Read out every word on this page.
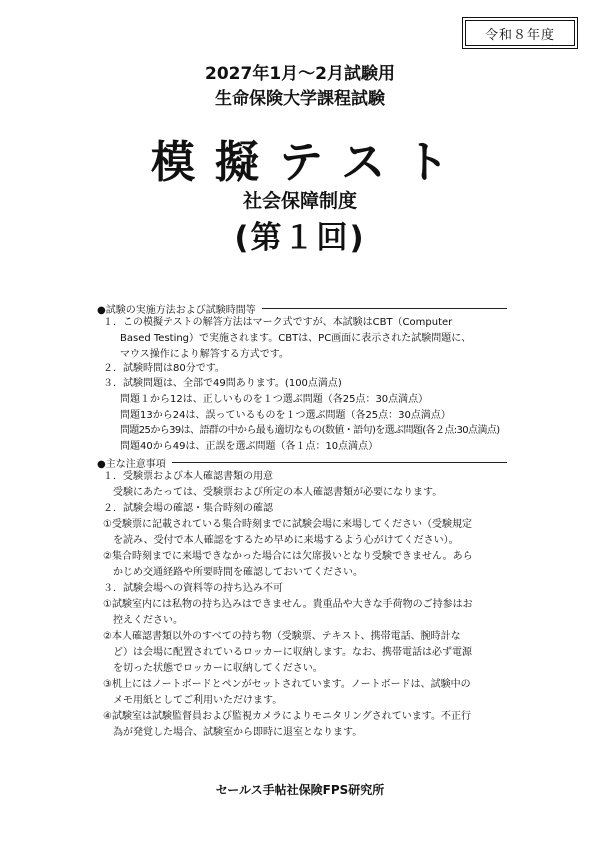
令和８年度
2027年1月～2月試験用
生命保険大学課程試験
模擬テスト
社会保障制度
(第１回)
●試験の実施方法および試験時間等
１．この模擬テストの解答方法はマーク式ですが、本試験はCBT（Computer
Based Testing）で実施されます。CBTは、PC画面に表示された試験問題に、
マウス操作により解答する方式です。
２．試験時間は80分です。
３．試験問題は、全部で49問あります。(100点満点)
問題１から12は、正しいものを１つ選ぶ問題（各25点：30点満点）
問題13から24は、誤っているものを１つ選ぶ問題（各25点：30点満点）
問題25から39は、語群の中から最も適切なもの(数値・語句)を選ぶ問題(各２点:30点満点)
問題40から49は、正誤を選ぶ問題（各１点：10点満点）
●主な注意事項
１．受験票および本人確認書類の用意
受験にあたっては、受験票および所定の本人確認書類が必要になります。
２．試験会場の確認・集合時刻の確認
①受験票に記載されている集合時刻までに試験会場に来場してください（受験規定
を読み、受付で本人確認をするため早めに来場するよう心がけてください）。
②集合時刻までに来場できなかった場合には欠席扱いとなり受験できません。あら
かじめ交通経路や所要時間を確認しておいてください。
３．試験会場への資料等の持ち込み不可
①試験室内には私物の持ち込みはできません。貴重品や大きな手荷物のご持参はお
控えください。
②本人確認書類以外のすべての持ち物（受験票、テキスト、携帯電話、腕時計な
ど）は会場に配置されているロッカーに収納します。なお、携帯電話は必ず電源
を切った状態でロッカーに収納してください。
③机上にはノートボードとペンがセットされています。ノートボードは、試験中の
メモ用紙としてご利用いただけます。
④試験室は試験監督員および監視カメラによりモニタリングされています。不正行
為が発覚した場合、試験室から即時に退室となります。
セールス手帖社保険FPS研究所
